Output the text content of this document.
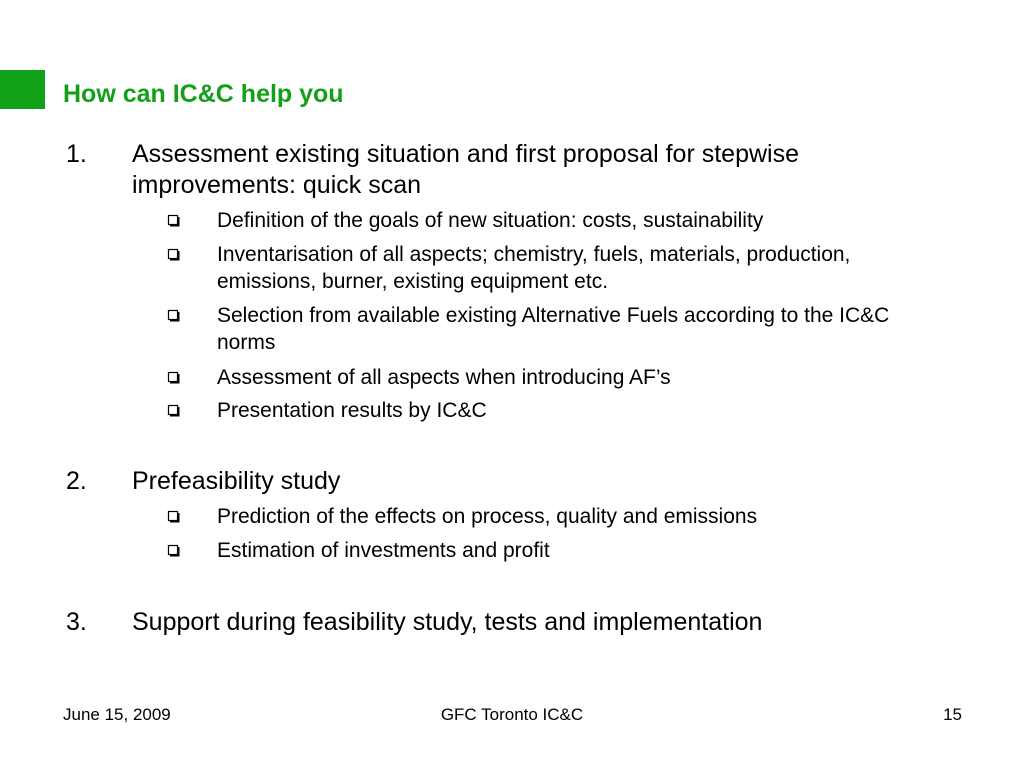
How can IC&C help you
1. Assessment existing situation and first proposal for stepwise improvements: quick scan
Definition of the goals of new situation: costs, sustainability
Inventarisation of all aspects; chemistry, fuels, materials, production, emissions, burner, existing equipment etc.
Selection from available existing Alternative Fuels according to the IC&C norms
Assessment of all aspects when introducing AF’s
Presentation results by IC&C
2. Prefeasibility study
Prediction of the effects on process, quality and emissions
Estimation of investments and profit
3. Support during feasibility study, tests and implementation
June 15, 2009	GFC Toronto IC&C	15
